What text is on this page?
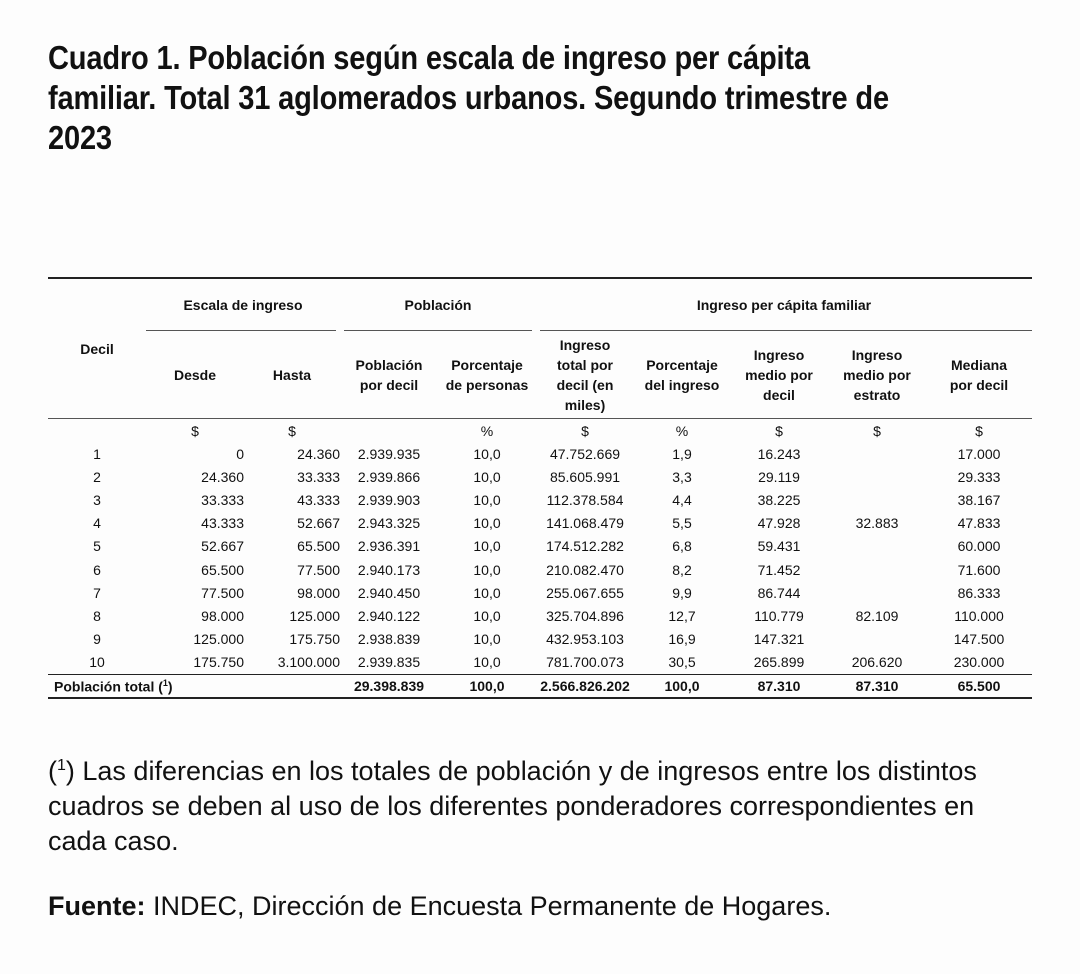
Cuadro 1. Población según escala de ingreso per cápita familiar. Total 31 aglomerados urbanos. Segundo trimestre de 2023
Decil	Escala de ingreso		Población		Ingreso per cápita familiar				
	Desde	Hasta	Población por decil	Porcentaje de personas	Ingreso total por decil (en miles)	Porcentaje del ingreso	Ingreso medio por decil	Ingreso medio por estrato	Mediana por decil
	$	$		%	$	%	$	$	$
1	0	24.360	2.939.935	10,0	47.752.669	1,9	16.243		17.000
2	24.360	33.333	2.939.866	10,0	85.605.991	3,3	29.119		29.333
3	33.333	43.333	2.939.903	10,0	112.378.584	4,4	38.225		38.167
4	43.333	52.667	2.943.325	10,0	141.068.479	5,5	47.928	32.883	47.833
5	52.667	65.500	2.936.391	10,0	174.512.282	6,8	59.431		60.000
6	65.500	77.500	2.940.173	10,0	210.082.470	8,2	71.452		71.600
7	77.500	98.000	2.940.450	10,0	255.067.655	9,9	86.744		86.333
8	98.000	125.000	2.940.122	10,0	325.704.896	12,7	110.779	82.109	110.000
9	125.000	175.750	2.938.839	10,0	432.953.103	16,9	147.321		147.500
10	175.750	3.100.000	2.939.835	10,0	781.700.073	30,5	265.899	206.620	230.000
Población total ($^1$)			29.398.839	100,0	2.566.826.202	100,0	87.310	87.310	65.500

($^1$) Las diferencias en los totales de población y de ingresos entre los distintos cuadros se deben al uso de los diferentes ponderadores correspondientes en cada caso.

Fuente: INDEC, Dirección de Encuesta Permanente de Hogares.
